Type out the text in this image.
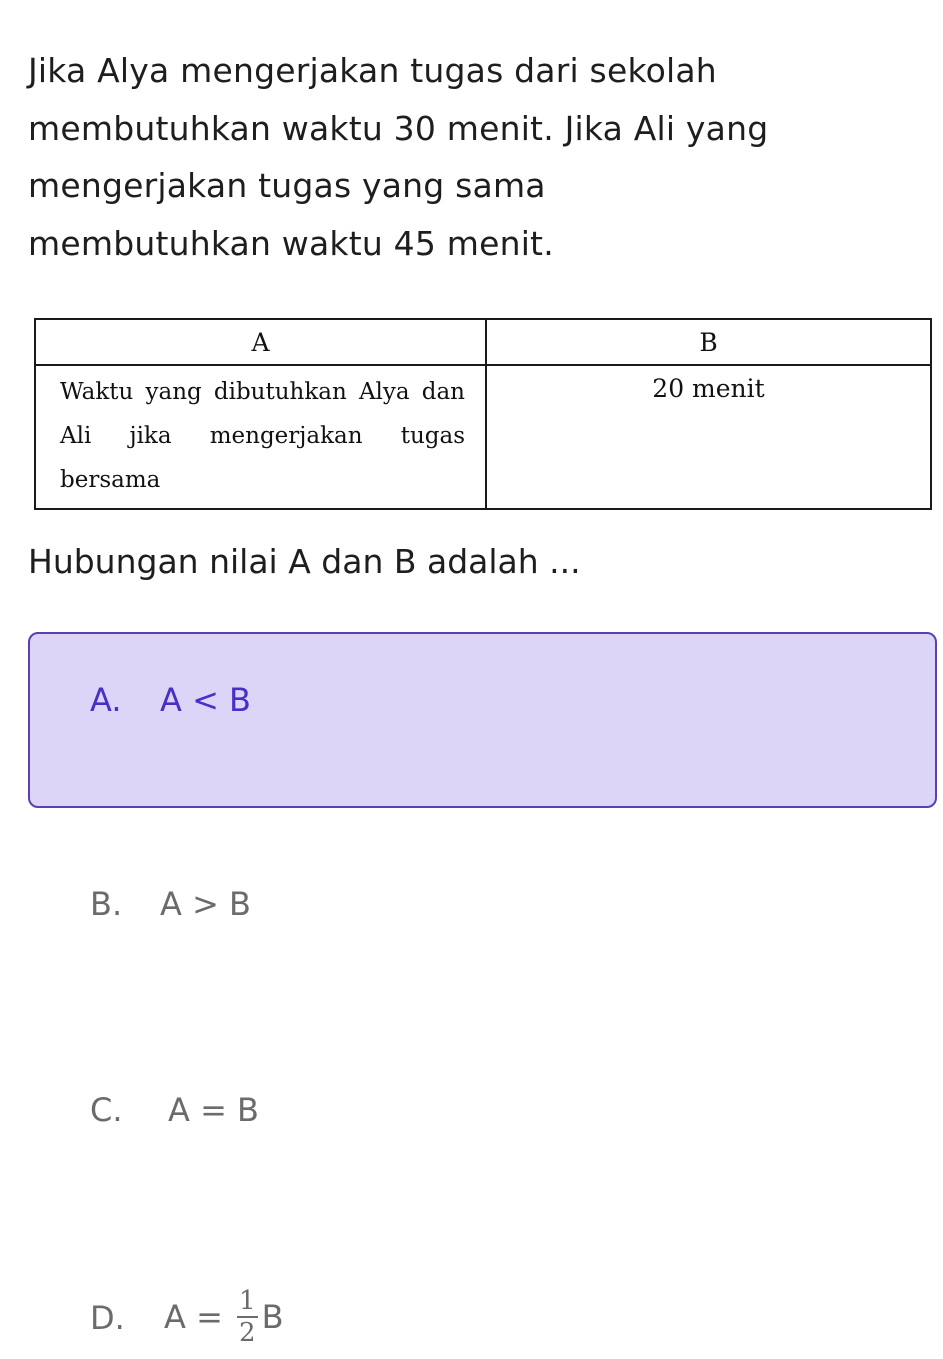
Jika Alya mengerjakan tugas dari sekolah
membutuhkan waktu 30 menit. Jika Ali yang
mengerjakan tugas yang sama
membutuhkan waktu 45 menit.
A	B
Waktu yang dibutuhkan Alya dan Ali jika mengerjakan tugas bersama	20 menit
Hubungan nilai A dan B adalah ...
A. A < B
B. A > B
C. A = B
D. $A = \frac{1}{2}$ B
